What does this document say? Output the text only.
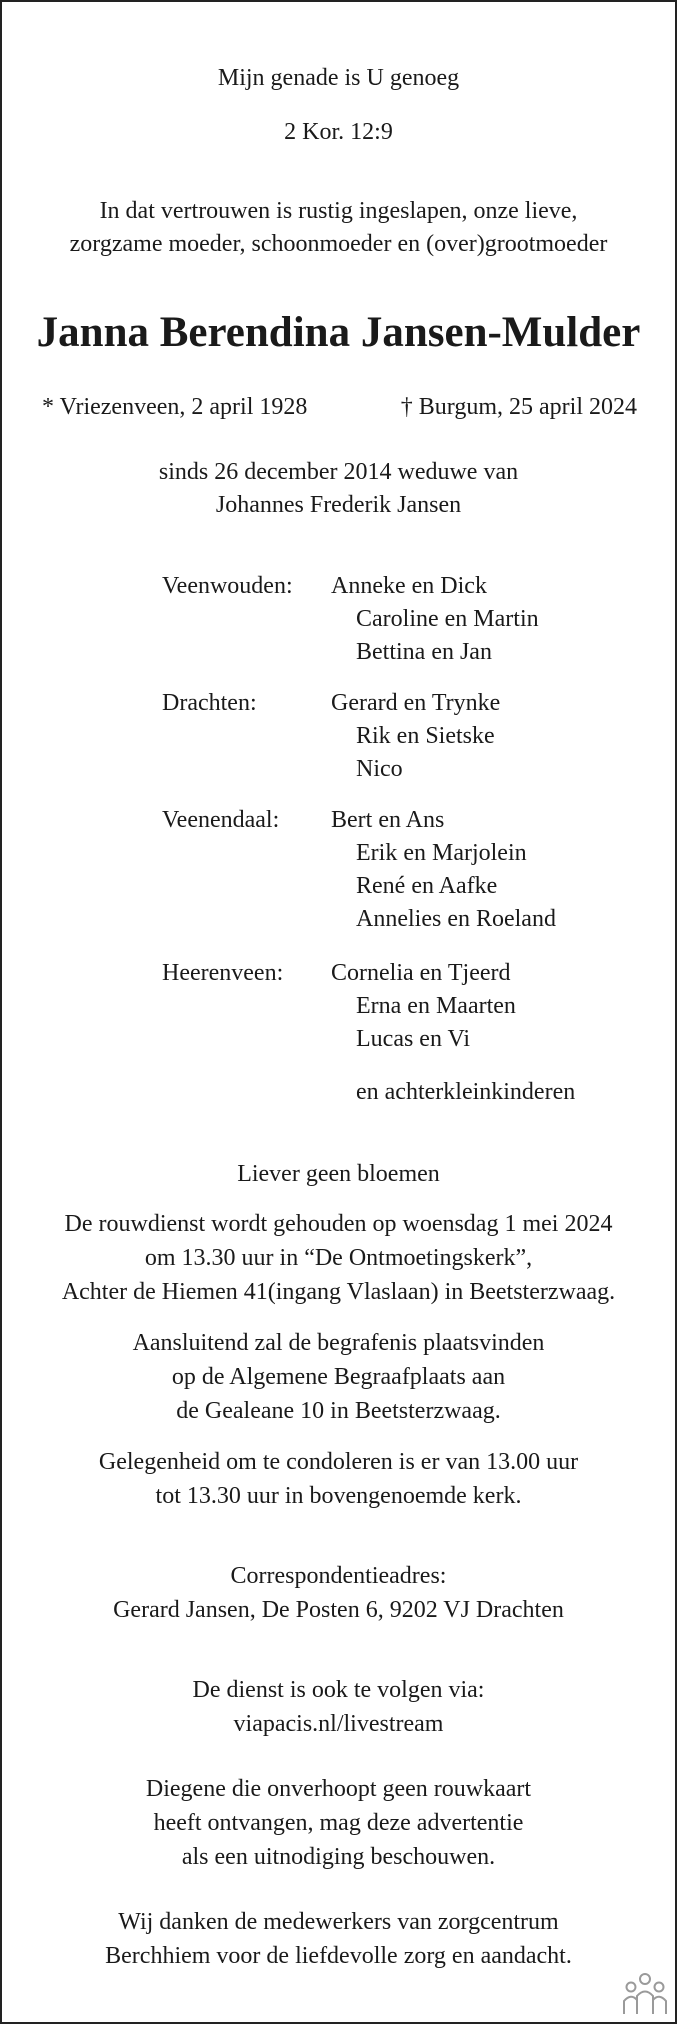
Mijn genade is U genoeg
2 Kor. 12:9
In dat vertrouwen is rustig ingeslapen, onze lieve,
zorgzame moeder, schoonmoeder en (over)grootmoeder
Janna Berendina Jansen-Mulder
* Vriezenveen, 2 april 1928	† Burgum, 25 april 2024
sinds 26 december 2014 weduwe van
Johannes Frederik Jansen
Veenwouden: Anneke en Dick
Caroline en Martin
Bettina en Jan
Drachten:	Gerard en Trynke
Rik en Sietske
Nico
Veenendaal: Bert en Ans
Erik en Marjolein
René en Aafke
Annelies en Roeland
Heerenveen: Cornelia en Tjeerd
Erna en Maarten
Lucas en Vi
en achterkleinkinderen
Liever geen bloemen
De rouwdienst wordt gehouden op woensdag 1 mei 2024
om 13.30 uur in “De Ontmoetingskerk”,
Achter de Hiemen 41(ingang Vlaslaan) in Beetsterzwaag.
Aansluitend zal de begrafenis plaatsvinden
op de Algemene Begraafplaats aan
de Gealeane 10 in Beetsterzwaag.
Gelegenheid om te condoleren is er van 13.00 uur
tot 13.30 uur in bovengenoemde kerk.
Correspondentieadres:
Gerard Jansen, De Posten 6, 9202 VJ Drachten
De dienst is ook te volgen via:
viapacis.nl/livestream
Diegene die onverhoopt geen rouwkaart
heeft ontvangen, mag deze advertentie
als een uitnodiging beschouwen.
Wij danken de medewerkers van zorgcentrum
Berchhiem voor de liefdevolle zorg en aandacht.
